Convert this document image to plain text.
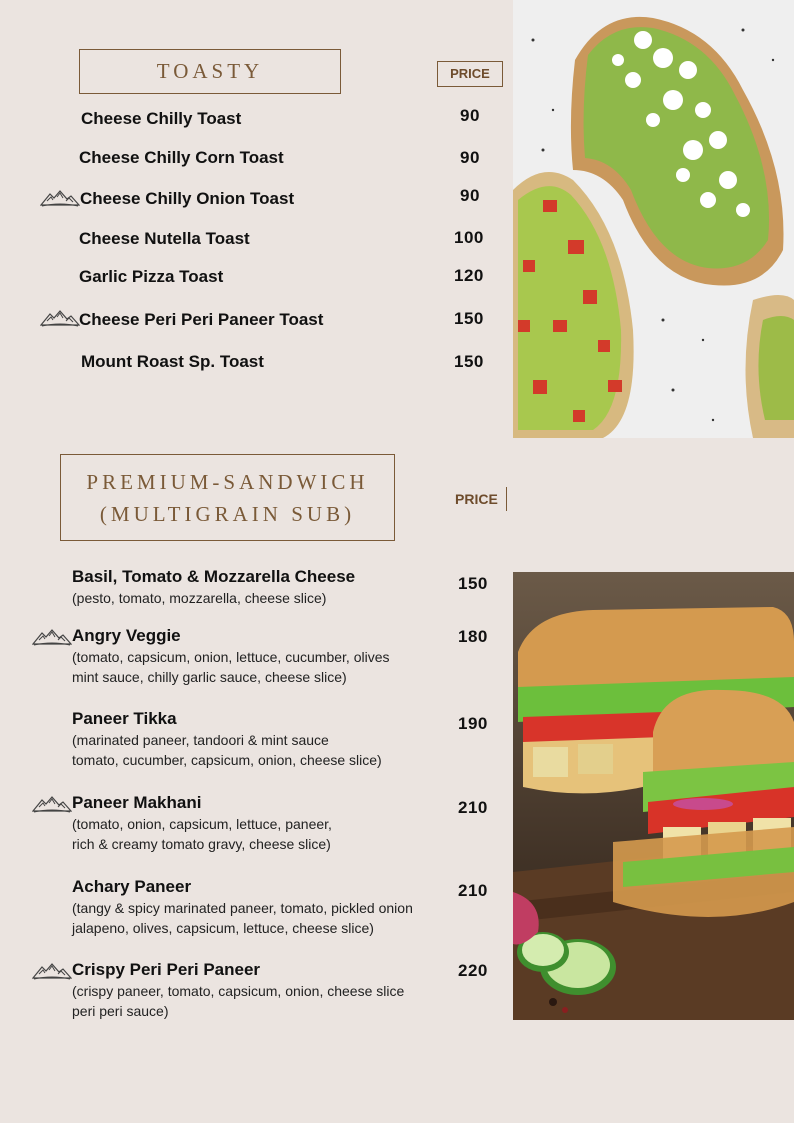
TOASTY	PRICE
Cheese Chilly Toast	90
Cheese Chilly Corn Toast	90
Cheese Chilly Onion Toast	90
Cheese Nutella Toast	100
Garlic Pizza Toast	120
Cheese Peri Peri Paneer Toast	150
Mount Roast Sp. Toast	150
PREMIUM-SANDWICH
(MULTIGRAIN SUB)
PRICE
Basil, Tomato & Mozzarella Cheese
(pesto, tomato, mozzarella, cheese slice)
150
Angry Veggie
(tomato, capsicum, onion, lettuce, cucumber, olives
mint sauce, chilly garlic sauce, cheese slice)
180
Paneer Tikka
(marinated paneer, tandoori & mint sauce
tomato, cucumber, capsicum, onion, cheese slice)
190
Paneer Makhani
(tomato, onion, capsicum, lettuce, paneer,
rich & creamy tomato gravy, cheese slice)
210
Achary Paneer
(tangy & spicy marinated paneer, tomato, pickled onion
jalapeno, olives, capsicum, lettuce, cheese slice)
210
Crispy Peri Peri Paneer
(crispy paneer, tomato, capsicum, onion, cheese slice
peri peri sauce)
220
